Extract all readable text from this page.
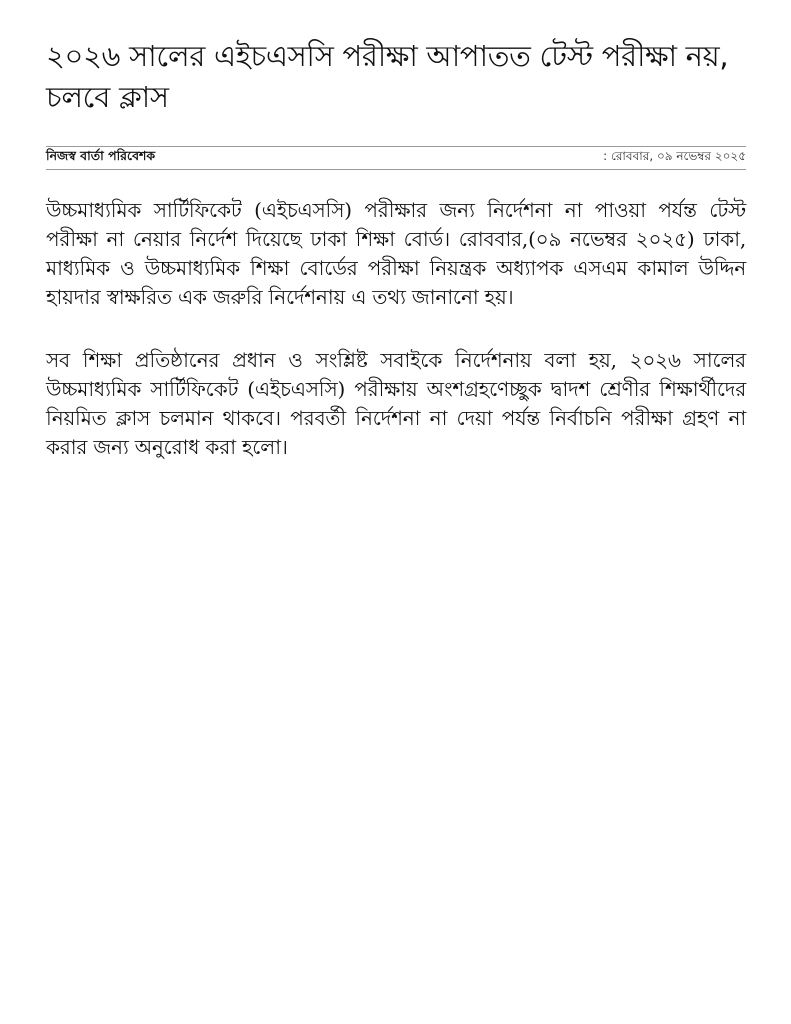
২০২৬ সালের এইচএসসি পরীক্ষা আপাতত টেস্ট পরীক্ষা নয়, চলবে ক্লাস
নিজস্ব বার্তা পরিবেশক	: রোববার, ০৯ নভেম্বর ২০২৫

উচ্চমাধ্যমিক সার্টিফিকেট (এইচএসসি) পরীক্ষার জন্য নির্দেশনা না পাওয়া পর্যন্ত টেস্ট পরীক্ষা না নেয়ার নির্দেশ দিয়েছে ঢাকা শিক্ষা বোর্ড। রোববার,(০৯ নভেম্বর ২০২৫) ঢাকা, মাধ্যমিক ও উচ্চমাধ্যমিক শিক্ষা বোর্ডের পরীক্ষা নিয়ন্ত্রক অধ্যাপক এসএম কামাল উদ্দিন হায়দার স্বাক্ষরিত এক জরুরি নির্দেশনায় এ তথ্য জানানো হয়।

সব শিক্ষা প্রতিষ্ঠানের প্রধান ও সংশ্লিষ্ট সবাইকে নির্দেশনায় বলা হয়, ২০২৬ সালের উচ্চমাধ্যমিক সার্টিফিকেট (এইচএসসি) পরীক্ষায় অংশগ্রহণেচ্ছুক দ্বাদশ শ্রেণীর শিক্ষার্থীদের নিয়মিত ক্লাস চলমান থাকবে। পরবর্তী নির্দেশনা না দেয়া পর্যন্ত নির্বাচনি পরীক্ষা গ্রহণ না করার জন্য অনুরোধ করা হলো।
